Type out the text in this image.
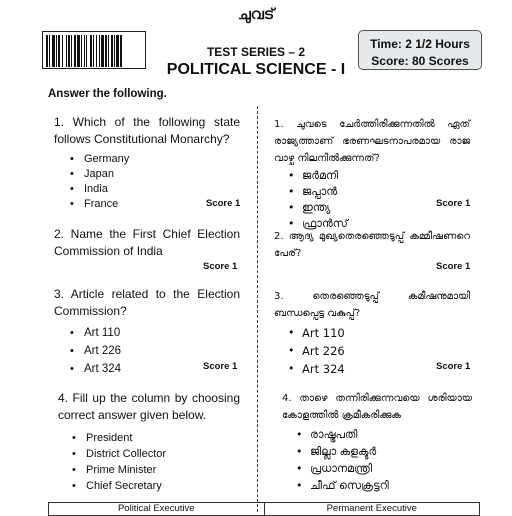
ചുവട്
TEST SERIES – 2
POLITICAL SCIENCE - I
Time: 2 1/2 Hours
Score: 80 Scores
Answer the following.
1. Which of the following state follows Constitutional Monarchy?
• Germany
• Japan
• India
• France	Score 1
2. Name the First Chief Election Commission of India
Score 1
3. Article related to the Election Commission?
• Art 110
• Art 226
• Art 324	Score 1
4. Fill up the column by choosing correct answer given below.
• President
• District Collector
• Prime Minister
• Chief Secretary
1. ചുവടെ ചേർത്തിരിക്കുന്നതിൽ ഏത് രാജ്യത്താണ് ഭരണഘടനാപരമായ രാജ വാഴ്ച നിലനിൽക്കുന്നത്?
• ജർമനി
• ജപ്പാൻ
• ഇന്ത്യ
• ഫ്രാൻസ്
Score 1
2. ആദ്യ മുഖ്യതെരഞ്ഞെടുപ്പ് കമ്മീഷണറെ പേര്?
Score 1
3. തെരഞ്ഞെടുപ്പ് കമീഷനുമായി ബന്ധപ്പെട്ട വകുപ്പ്?
• Art 110
• Art 226
• Art 324	Score 1
4. താഴെ തന്നിരിക്കുന്നവയെ ശരിയായ കോളത്തിൽ ക്രമീകരിക്കുക
• രാഷ്ട്രപതി
• ജില്ലാ കളക്ടർ
• പ്രധാനമന്ത്രി
• ചീഫ് സെക്രട്ടറി
Political Executive	Permanent Executive
